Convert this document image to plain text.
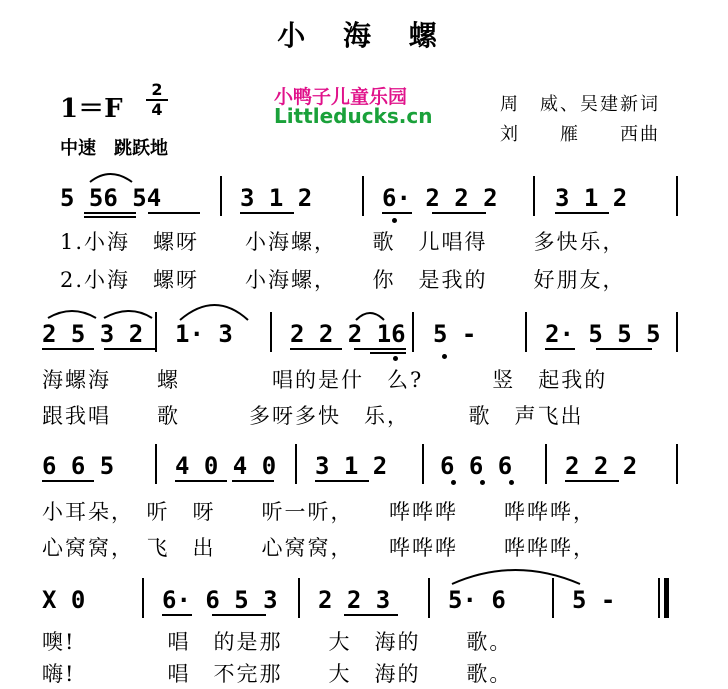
小 海 螺
1＝F
2
4
中速　跳跃地
小鸭子儿童乐园
Littleducks.cn	周　威、吴建新词
刘　　雁　　西曲
5 56 54	3 1 2	6· 2 2 2 3 1 2
1.小海　螺呀　　小海螺，　　歌　儿唱得　　多快乐，
2.小海　螺呀　　小海螺，　　你　是我的　　好朋友，
2 5 3 2 1· 3 2 2 2 16 5 -	2· 5 5 5
海螺海　　螺　　　　唱的是什　么?　　　竖　起我的
跟我唱　　歌　　　多呀多快　乐，　　　歌　声飞出
6 6 5	4 0 4 0 3 1 2 6 6 6 2 2 2
小耳朵，　听　呀　　听一听，　　哗哗哗　　哗哗哗，
心窝窝，　飞　出　　心窝窝，　　哗哗哗　　哗哗哗，
X 0	6· 6 5 3 2 2 3 5· 6	5 -
噢!　　　　唱　的是那　　大　海的　　歌。
嗨!　　　　唱　不完那　　大　海的　　歌。
